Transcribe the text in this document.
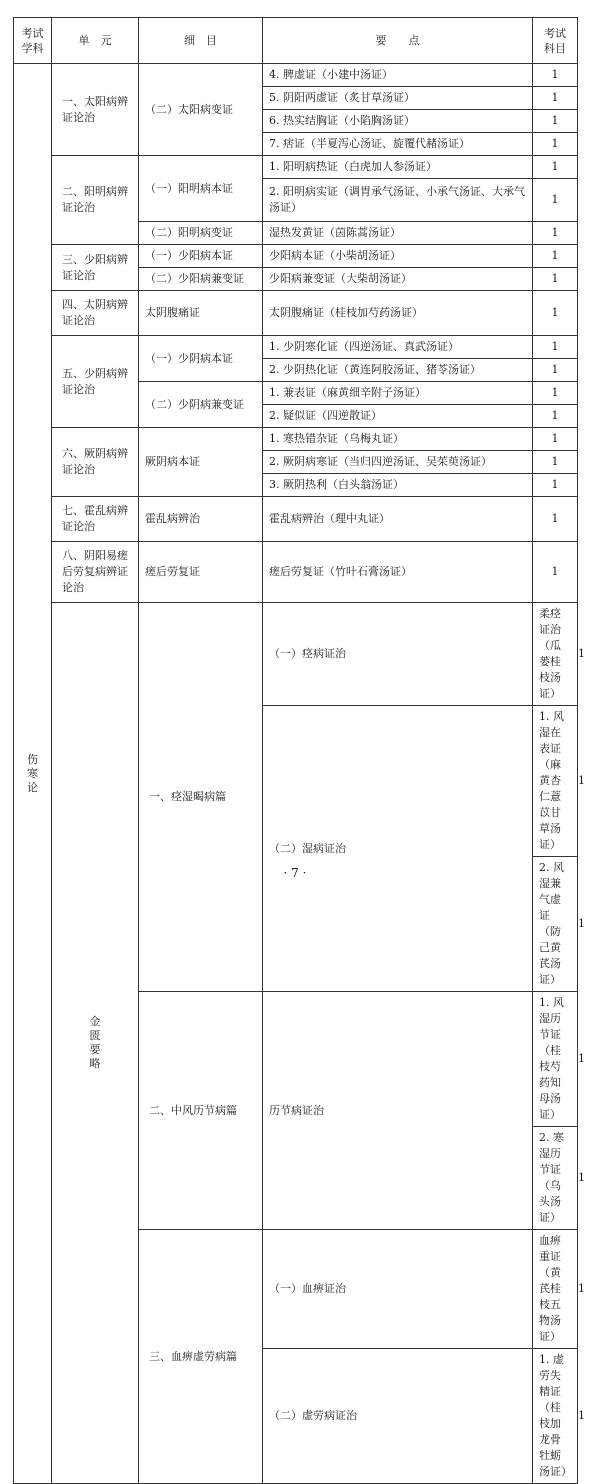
考试学科	单　元	细　目	要　　点	考试科目	

伤寒论	一、太阳病辨证论治	（二）太阳病变证	4. 脾虚证（小建中汤证）	1	
			5. 阴阳两虚证（炙甘草汤证）	1	
			6. 热实结胸证（小陷胸汤证）	1	
			7. 痞证（半夏泻心汤证、旋覆代赭汤证）	1	
	二、阳明病辨证论治	（一）阳明病本证	1. 阳明病热证（白虎加人参汤证）	1	
			2. 阳明病实证（调胃承气汤证、小承气汤证、大承气汤证）	1	
		（二）阳明病变证	湿热发黄证（茵陈蒿汤证）	1	
	三、少阳病辨证论治	（一）少阳病本证	少阳病本证（小柴胡汤证）	1	
		（二）少阳病兼变证	少阳病兼变证（大柴胡汤证）	1	
	四、太阴病辨证论治	太阴腹痛证	太阴腹痛证（桂枝加芍药汤证）	1	
	五、少阴病辨证论治	（一）少阴病本证	1. 少阴寒化证（四逆汤证、真武汤证）	1	
			2. 少阴热化证（黄连阿胶汤证、猪苓汤证）	1	
		（二）少阴病兼变证	1. 兼表证（麻黄细辛附子汤证）	1	
			2. 疑似证（四逆散证）	1	
	六、厥阴病辨证论治	厥阴病本证	1. 寒热错杂证（乌梅丸证）	1	
			2. 厥阴病寒证（当归四逆汤证、吴茱萸汤证）	1	
			3. 厥阴热利（白头翁汤证）	1	
	七、霍乱病辨证论治	霍乱病辨治	霍乱病辨治（理中丸证）	1	
	八、阴阳易瘥后劳复病辨证论治	瘥后劳复证	瘥后劳复证（竹叶石膏汤证）	1	

	金匮要略	一、痉湿暍病篇	（一）痉病证治	柔痉证治（瓜蒌桂枝汤证）	1
			（二）湿病证治	1. 风湿在表证（麻黄杏仁薏苡甘草汤证）	1
				2. 风湿兼气虚证（防己黄芪汤证）	1
		二、中风历节病篇	历节病证治	1. 风湿历节证（桂枝芍药知母汤证）	1
				2. 寒湿历节证（乌头汤证）	1
		三、血痹虚劳病篇	（一）血痹证治	血痹重证（黄芪桂枝五物汤证）	1
			（二）虚劳病证治	1. 虚劳失精证（桂枝加龙骨牡蛎汤证）	1
· 7 ·
